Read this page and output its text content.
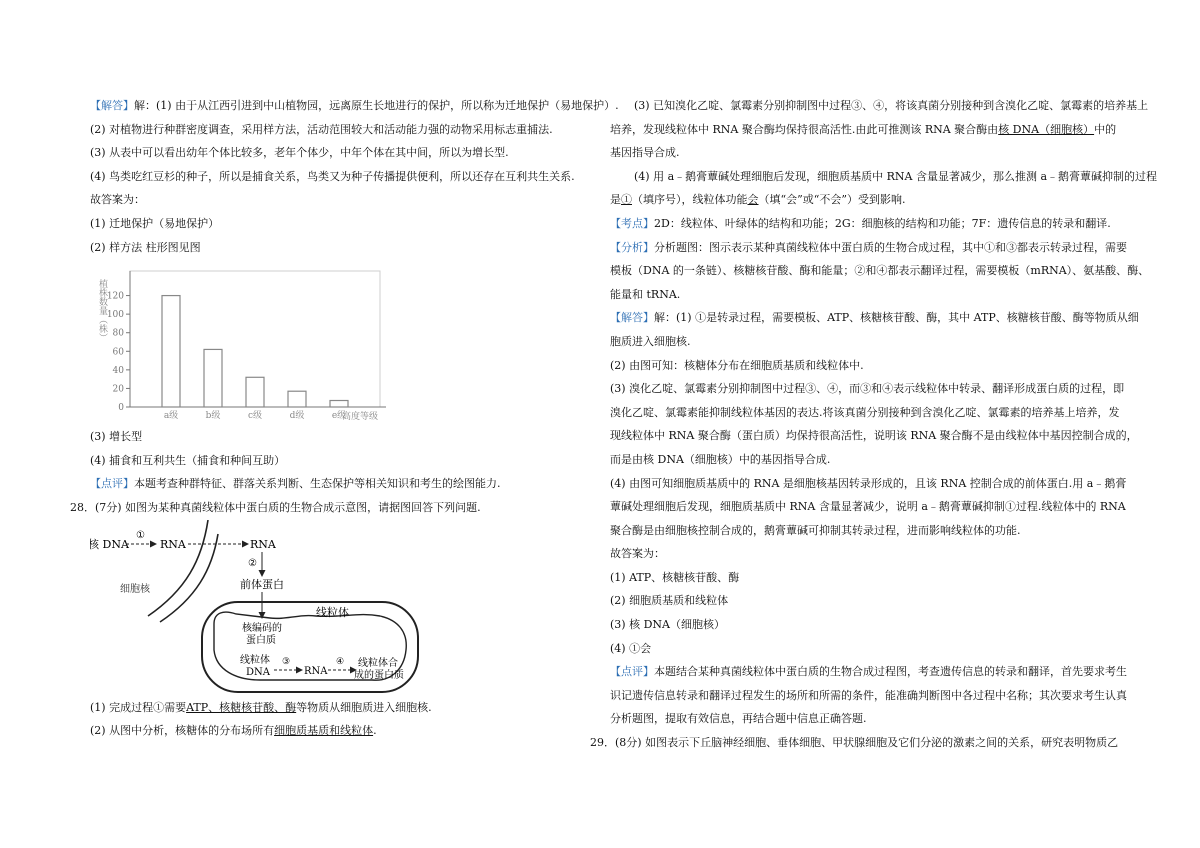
【解答】解：(1) 由于从江西引进到中山植物园，远离原生长地进行的保护，所以称为迁地保护（易地保护）.
(2) 对植物进行种群密度调查，采用样方法，活动范围较大和活动能力强的动物采用标志重捕法.
(3) 从表中可以看出幼年个体比较多，老年个体少，中年个体在其中间，所以为增长型.
(4) 鸟类吃红豆杉的种子，所以是捕食关系，鸟类又为种子传播提供便利，所以还存在互利共生关系.
故答案为：
(1) 迁地保护（易地保护）
(2) 样方法 柱形图见图
0
20
40
60
80
100
120
植株数量（株）
a级	b级	c级	d级	e级
高度等级
(3) 增长型
(4) 捕食和互利共生（捕食和种间互助）
【点评】本题考查种群特征、群落关系判断、生态保护等相关知识和考生的绘图能力.
28．(7分) 如图为某种真菌线粒体中蛋白质的生物合成示意图，请据图回答下列问题.
核 DNA
①
RNA	RNA
②
前体蛋白
细胞核
线粒体
核编码的
蛋白质
线粒体
DNA
③
RNA
④ 线粒体合
成的蛋白质
(1) 完成过程①需要ATP、核糖核苷酸、酶等物质从细胞质进入细胞核.
(2) 从图中分析，核糖体的分布场所有细胞质基质和线粒体.
(3) 已知溴化乙啶、氯霉素分别抑制图中过程③、④，将该真菌分别接种到含溴化乙啶、氯霉素的培养基上
培养，发现线粒体中 RNA 聚合酶均保持很高活性.由此可推测该 RNA 聚合酶由核 DNA（细胞核）中的
基因指导合成.
(4) 用 a﹣鹅膏蕈碱处理细胞后发现，细胞质基质中 RNA 含量显著减少，那么推测 a﹣鹅膏蕈碱抑制的过程
是①（填序号），线粒体功能会（填“会”或“不会”）受到影响.
【考点】2D：线粒体、叶绿体的结构和功能；2G：细胞核的结构和功能；7F：遗传信息的转录和翻译.
【分析】分析题图：图示表示某种真菌线粒体中蛋白质的生物合成过程，其中①和③都表示转录过程，需要
模板（DNA 的一条链）、核糖核苷酸、酶和能量；②和④都表示翻译过程，需要模板（mRNA）、氨基酸、酶、
能量和 tRNA.
【解答】解：(1) ①是转录过程，需要模板、ATP、核糖核苷酸、酶，其中 ATP、核糖核苷酸、酶等物质从细
胞质进入细胞核.
(2) 由图可知：核糖体分布在细胞质基质和线粒体中.
(3) 溴化乙啶、氯霉素分别抑制图中过程③、④，而③和④表示线粒体中转录、翻译形成蛋白质的过程，即
溴化乙啶、氯霉素能抑制线粒体基因的表达.将该真菌分别接种到含溴化乙啶、氯霉素的培养基上培养，发
现线粒体中 RNA 聚合酶（蛋白质）均保持很高活性，说明该 RNA 聚合酶不是由线粒体中基因控制合成的，
而是由核 DNA（细胞核）中的基因指导合成.
(4) 由图可知细胞质基质中的 RNA 是细胞核基因转录形成的，且该 RNA 控制合成的前体蛋白.用 a﹣鹅膏
蕈碱处理细胞后发现，细胞质基质中 RNA 含量显著减少，说明 a﹣鹅膏蕈碱抑制①过程.线粒体中的 RNA
聚合酶是由细胞核控制合成的，鹅膏蕈碱可抑制其转录过程，进而影响线粒体的功能.
故答案为：
(1) ATP、核糖核苷酸、酶
(2) 细胞质基质和线粒体
(3) 核 DNA（细胞核）
(4) ①会
【点评】本题结合某种真菌线粒体中蛋白质的生物合成过程图，考查遗传信息的转录和翻译，首先要求考生
识记遗传信息转录和翻译过程发生的场所和所需的条件，能准确判断图中各过程中名称；其次要求考生认真
分析题图，提取有效信息，再结合题中信息正确答题.
29．(8分) 如图表示下丘脑神经细胞、垂体细胞、甲状腺细胞及它们分泌的激素之间的关系，研究表明物质乙
